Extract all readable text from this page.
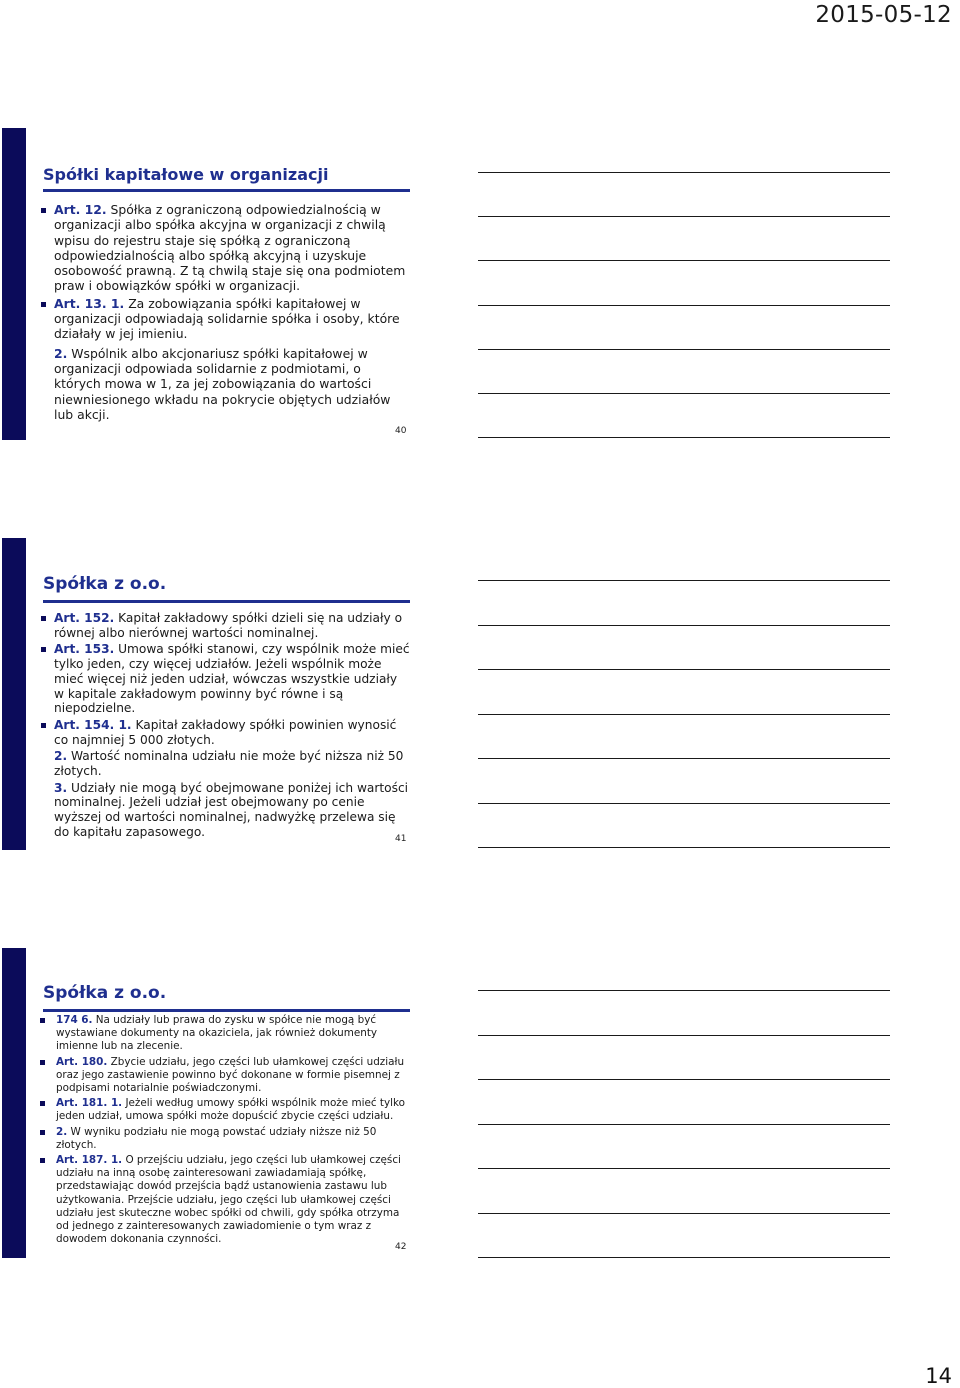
2015-05-12
Spółki kapitałowe w organizacji

Art. 12. Spółka z ograniczoną odpowiedzialnością w organizacji albo spółka akcyjna w organizacji z chwilą wpisu do rejestru staje się spółką z ograniczoną odpowiedzialnością albo spółką akcyjną i uzyskuje osobowość prawną. Z tą chwilą staje się ona podmiotem praw i obowiązków spółki w organizacji.

Art. 13. 1. Za zobowiązania spółki kapitałowej w organizacji odpowiadają solidarnie spółka i osoby, które działały w jej imieniu.

2. Wspólnik albo akcjonariusz spółki kapitałowej w organizacji odpowiada solidarnie z podmiotami, o których mowa w 1, za jej zobowiązania do wartości niewniesionego wkładu na pokrycie objętych udziałów lub akcji.

40
Spółka z o.o.

Art. 152. Kapitał zakładowy spółki dzieli się na udziały o równej albo nierównej wartości nominalnej.

Art. 153. Umowa spółki stanowi, czy wspólnik może mieć tylko jeden, czy więcej udziałów. Jeżeli wspólnik może mieć więcej niż jeden udział, wówczas wszystkie udziały w kapitale zakładowym powinny być równe i są niepodzielne.

Art. 154. 1. Kapitał zakładowy spółki powinien wynosić co najmniej 5 000 złotych.

2. Wartość nominalna udziału nie może być niższa niż 50 złotych.

3. Udziały nie mogą być obejmowane poniżej ich wartości nominalnej. Jeżeli udział jest obejmowany po cenie wyższej od wartości nominalnej, nadwyżkę przelewa się do kapitału zapasowego.

41
Spółka z o.o.

174 6. Na udziały lub prawa do zysku w spółce nie mogą być wystawiane dokumenty na okaziciela, jak również dokumenty imienne lub na zlecenie.

Art. 180. Zbycie udziału, jego części lub ułamkowej części udziału oraz jego zastawienie powinno być dokonane w formie pisemnej z podpisami notarialnie poświadczonymi.

Art. 181. 1. Jeżeli według umowy spółki wspólnik może mieć tylko jeden udział, umowa spółki może dopuścić zbycie części udziału.

2. W wyniku podziału nie mogą powstać udziały niższe niż 50 złotych.

Art. 187. 1. O przejściu udziału, jego części lub ułamkowej części udziału na inną osobę zainteresowani zawiadamiają spółkę, przedstawiając dowód przejścia bądź ustanowienia zastawu lub użytkowania. Przejście udziału, jego części lub ułamkowej części udziału jest skuteczne wobec spółki od chwili, gdy spółka otrzyma od jednego z zainteresowanych zawiadomienie o tym wraz z dowodem dokonania czynności.

42
14
